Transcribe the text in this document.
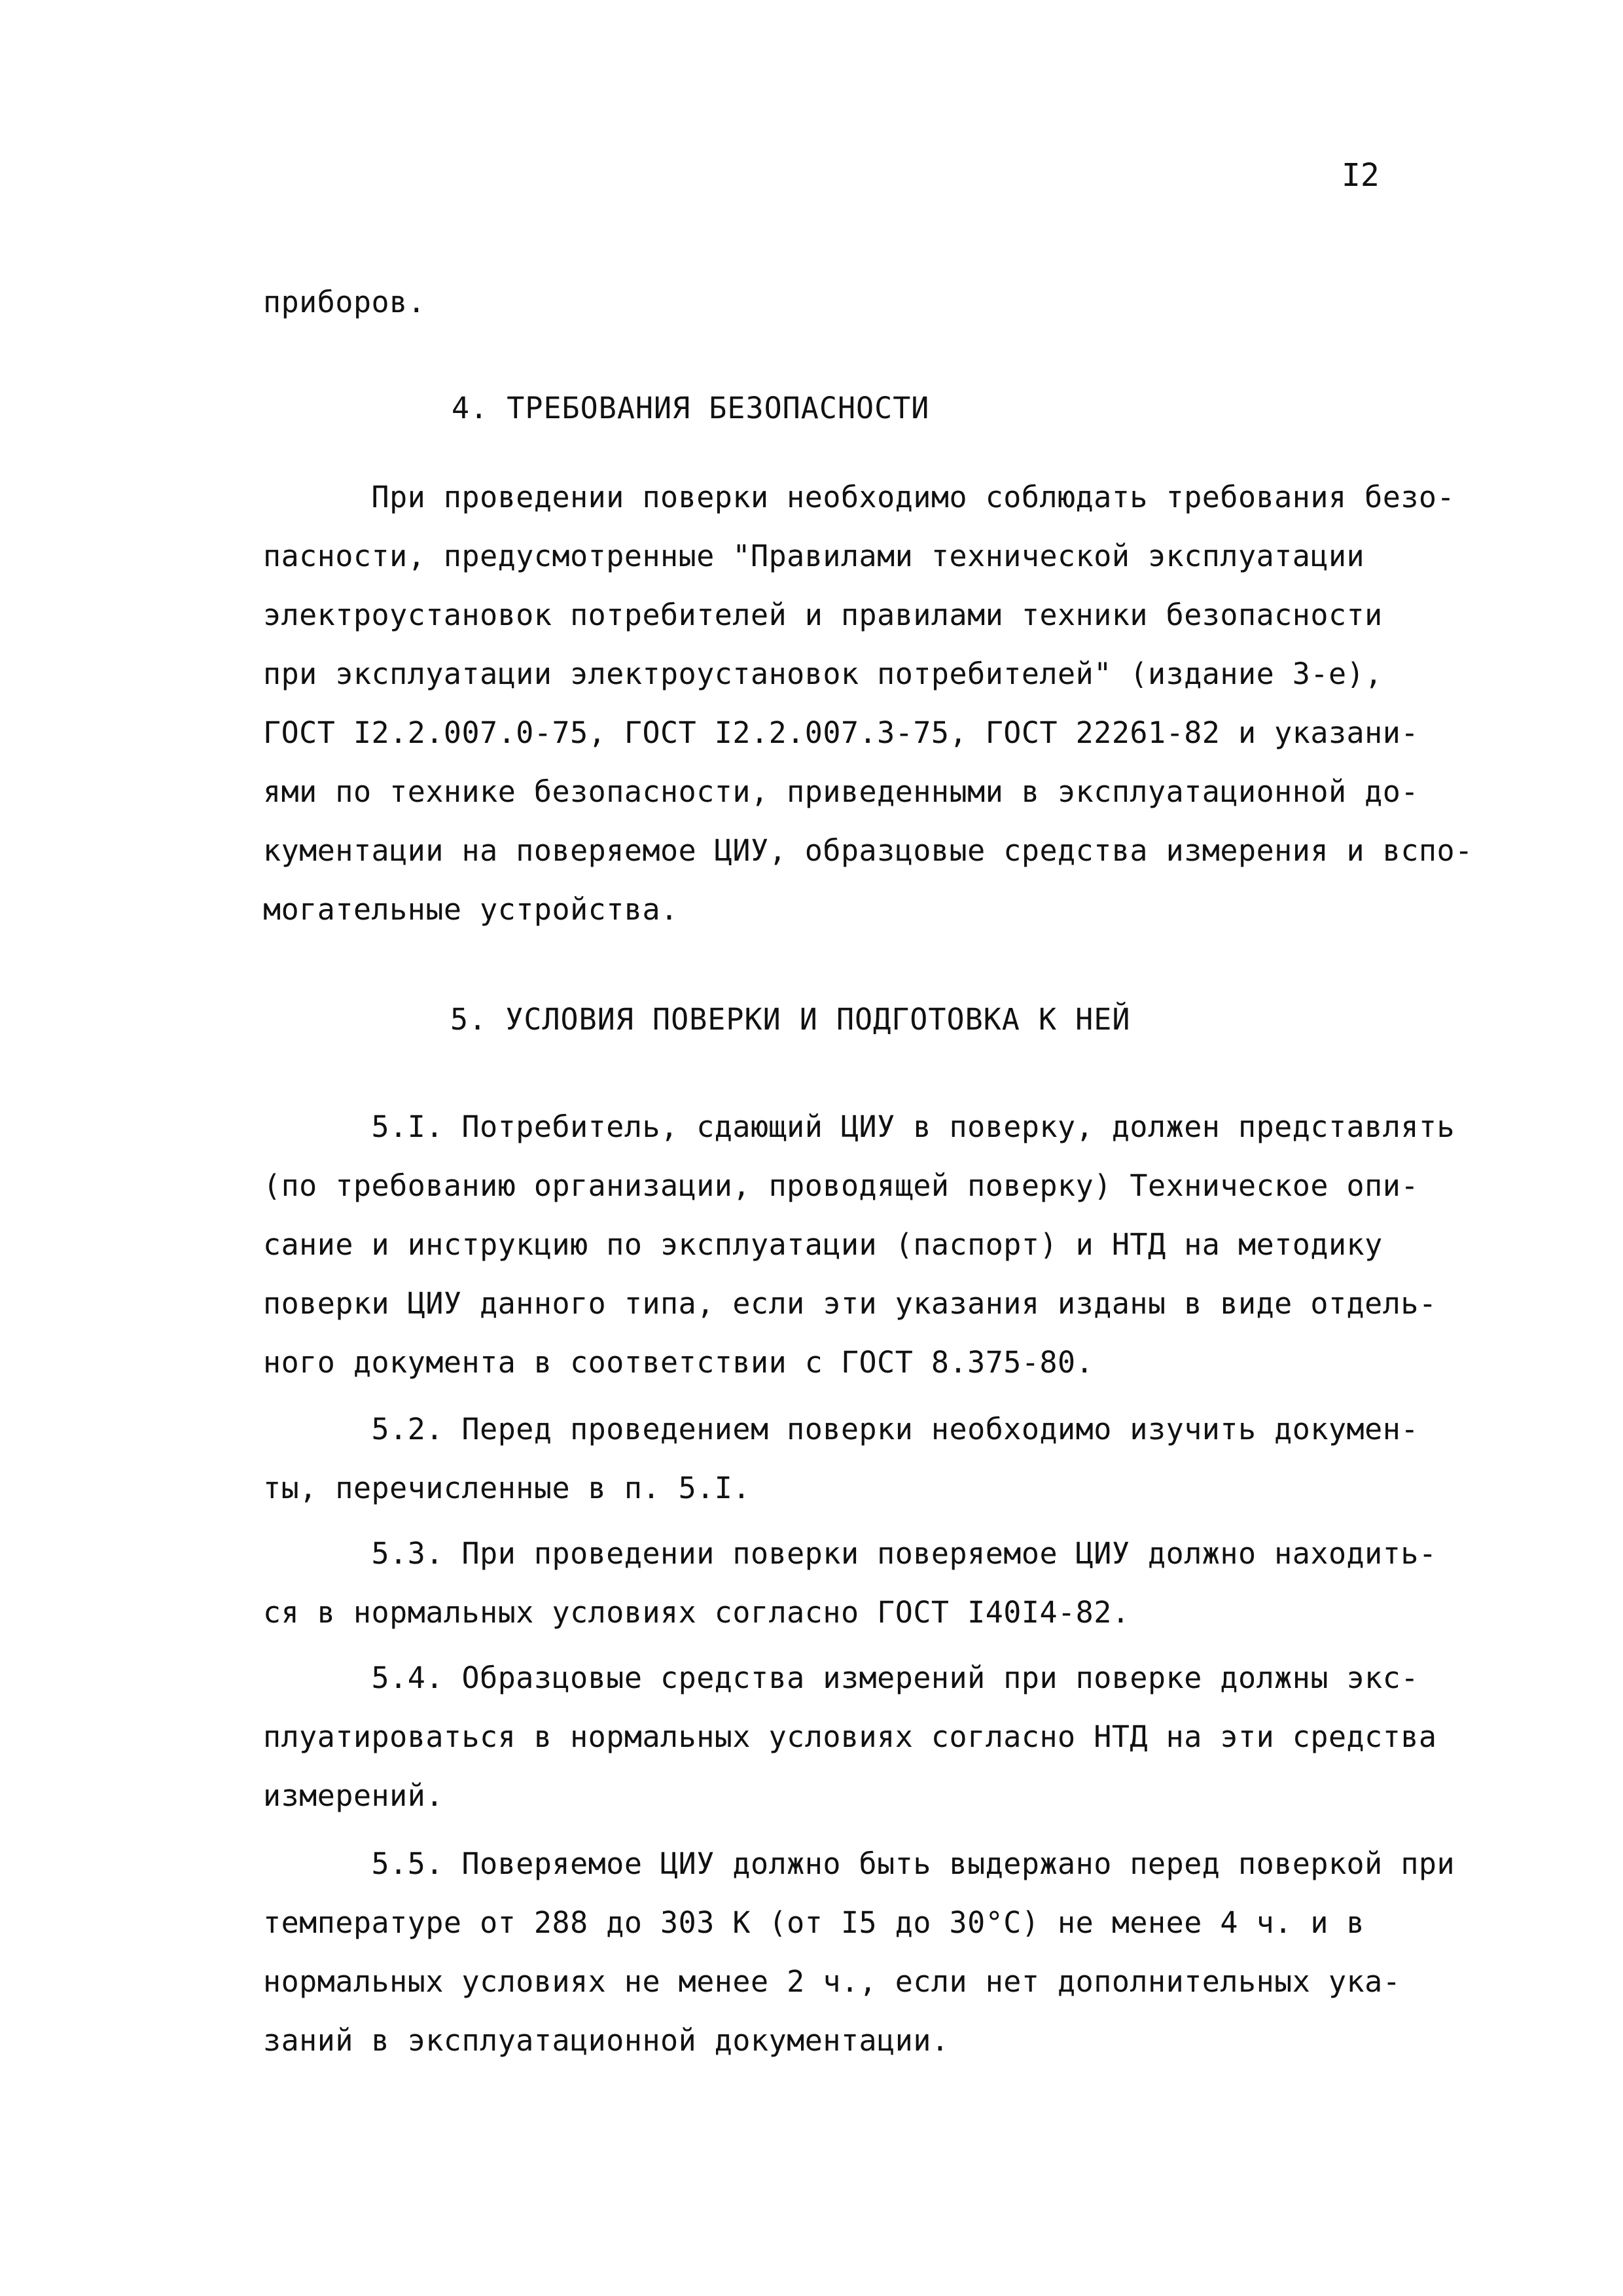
I2
приборов.
4. ТРЕБОВАНИЯ БЕЗОПАСНОСТИ
При проведении поверки необходимо соблюдать требования безо-
пасности, предусмотренные "Правилами технической эксплуатации
электроустановок потребителей и правилами техники безопасности
при эксплуатации электроустановок потребителей" (издание 3-е),
ГОСТ I2.2.007.0-75, ГОСТ I2.2.007.3-75, ГОСТ 22261-82 и указани-
ями по технике безопасности, приведенными в эксплуатационной до-
кументации на поверяемое ЦИУ, образцовые средства измерения и вспо-
могательные устройства.
5. УСЛОВИЯ ПОВЕРКИ И ПОДГОТОВКА К НЕЙ
5.I. Потребитель, сдающий ЦИУ в поверку, должен представлять
(по требованию организации, проводящей поверку) Техническое опи-
сание и инструкцию по эксплуатации (паспорт) и НТД на методику
поверки ЦИУ данного типа, если эти указания изданы в виде отдель-
ного документа в соответствии с ГОСТ 8.375-80.
5.2. Перед проведением поверки необходимо изучить докумен-
ты, перечисленные в п. 5.I.
5.3. При проведении поверки поверяемое ЦИУ должно находить-
ся в нормальных условиях согласно ГОСТ I40I4-82.
5.4. Образцовые средства измерений при поверке должны экс-
плуатироваться в нормальных условиях согласно НТД на эти средства
измерений.
5.5. Поверяемое ЦИУ должно быть выдержано перед поверкой при
температуре от 288 до 303 К (от I5 до 30°С) не менее 4 ч. и в
нормальных условиях не менее 2 ч., если нет дополнительных ука-
заний в эксплуатационной документации.
